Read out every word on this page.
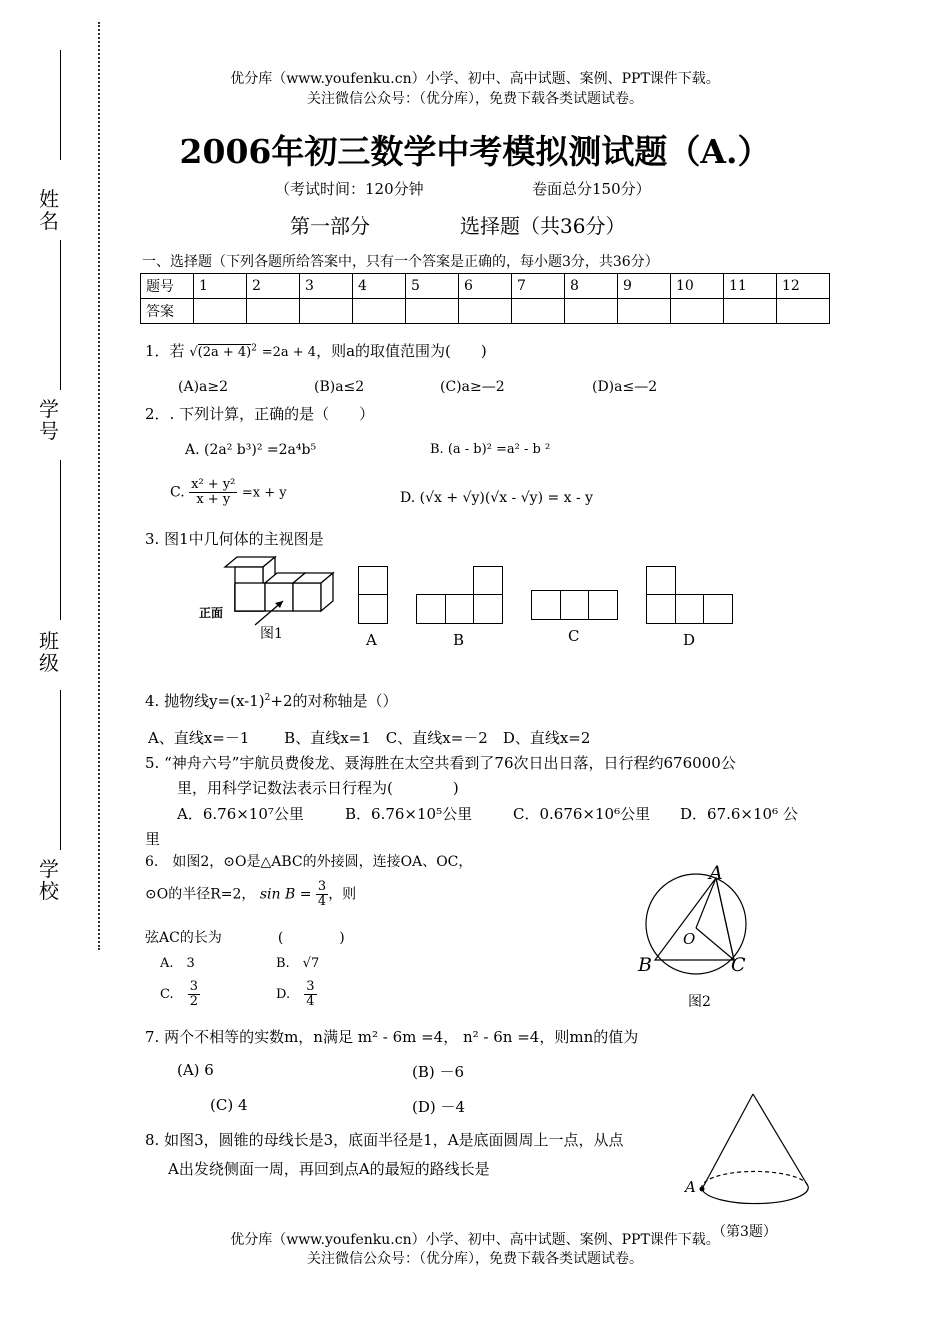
姓名
学号
班级
学校
优分库（www.youfenku.cn）小学、初中、高中试题、案例、PPT课件下载。
关注微信公众号：（优分库），免费下载各类试题试卷。
2006年初三数学中考模拟测试题（A.）
（考试时间：120分钟	卷面总分150分）
第一部分	选择题（共36分）
一、选择题（下列各题所给答案中，只有一个答案是正确的，每小题3分，共36分）
题号	1	2	3	4	5	6	7	8	9	10	11	12
答案												
1．若 $√(2a + 4)^2 =2a + 4$，则a的取值范围为(　　)
(A)a≥2	(B)a≤2	(C)a≥—2	(D)a≤—2
2．. 下列计算，正确的是（　　）
A. (2a² b³)² =2a⁴b⁵	B. (a - b)² =a² - b ²
C. $\frac{\text{x² + y²}}{x + y} =x + y$	D. (√x + √y)(√x - √y) = x - y
3. 图1中几何体的主视图是
正面
图1	A	B	C	D
4. 抛物线$y=(x-1)^2+2$的对称轴是（）
A、直线x=－1　　 B、直线x=1　C、直线x=－2　D、直线x=2
5. “神舟六号”宇航员费俊龙、聂海胜在太空共看到了76次日出日落，日行程约676000公
里，用科学记数法表示日行程为(　　　　)
A．6.76×10⁷公里	B．6.76×10⁵公里	C．0.676×10⁶公里 D．67.6×10⁶ 公
里
6.　如图2，⊙O是△ABC的外接圆，连接OA、OC，
⊙O的半径R=2， $\sin B = \frac{3}{4}$ ，则
弦AC的长为　　　　(　　　　)
A.　3	B.　√7
C. $\frac{3}{2}$	D. $\frac{3}{4}$
A
O
B	C
图2
7. 两个不相等的实数m，n满足 m² - 6m =4， n² - 6n =4，则mn的值为
(A) 6	(B) －6
(C) 4	(D) －4
8. 如图3，圆锥的母线长是3，底面半径是1，A是底面圆周上一点，从点
A出发绕侧面一周，再回到点A的最短的路线长是
A
（第3题）
优分库（www.youfenku.cn）小学、初中、高中试题、案例、PPT课件下载。
关注微信公众号：（优分库），免费下载各类试题试卷。
